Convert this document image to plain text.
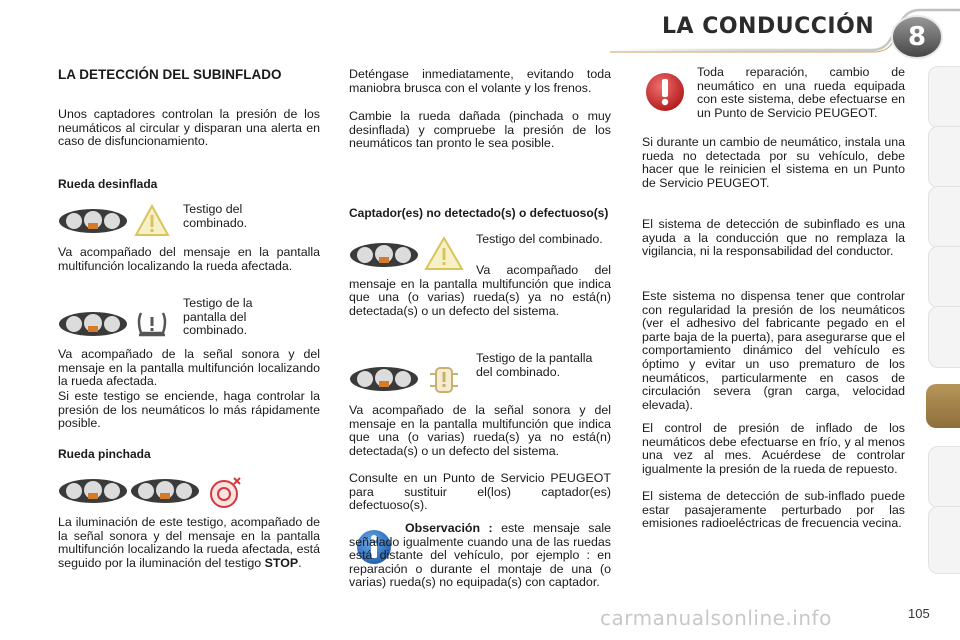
LA CONDUCCIÓN	8

LA DETECCIÓN DEL SUBINFLADO

Unos captadores controlan la presión de los neumáticos al circular y disparan una alerta en caso de disfuncionamiento.

Rueda desinflada
Testigo del combinado.

Va acompañado del mensaje en la pantalla multifunción localizando la rueda afectada.

Testigo de la pantalla del combinado.

Va acompañado de la señal sonora y del mensaje en la pantalla multifunción localizando la rueda afectada.

Si este testigo se enciende, haga controlar la presión de los neumáticos lo más rápidamente posible.

Rueda pinchada

La iluminación de este testigo, acompañado de la señal sonora y del mensaje en la pantalla multifunción localizando la rueda afectada, está seguido por la iluminación del testigo STOP.

Deténgase inmediatamente, evitando toda maniobra brusca con el volante y los frenos.

Cambie la rueda dañada (pinchada o muy desinflada) y compruebe la presión de los neumáticos tan pronto le sea posible.

Captador(es) no detectado(s) o defectuoso(s)
Testigo del combinado.

Va acompañado del mensaje en la pantalla multifunción que indica que una (o varias) rueda(s) ya no está(n) detectada(s) o un defecto del sistema.

Testigo de la pantalla del combinado.

Va acompañado de la señal sonora y del mensaje en la pantalla multifunción que indica que una (o varias) rueda(s) ya no está(n) detectada(s) o un defecto del sistema.

Consulte en un Punto de Servicio PEUGEOT para sustituir el(los) captador(es) defectuoso(s).

Observación : este mensaje sale señalado igualmente cuando una de las ruedas está distante del vehículo, por ejemplo : en reparación o durante el montaje de una (o varias) rueda(s) no equipada(s) con captador.

Toda reparación, cambio de neumático en una rueda equipada con este sistema, debe efectuarse en un Punto de Servicio PEUGEOT.

Si durante un cambio de neumático, instala una rueda no detectada por su vehículo, debe hacer que le reinicien el sistema en un Punto de Servicio PEUGEOT.

El sistema de detección de subinflado es una ayuda a la conducción que no remplaza la vigilancia, ni la responsabilidad del conductor.

Este sistema no dispensa tener que controlar con regularidad la presión de los neumáticos (ver el adhesivo del fabricante pegado en el parte baja de la puerta), para asegurarse que el comportamiento dinámico del vehículo es óptimo y evitar un uso prematuro de los neumáticos, particularmente en casos de circulación severa (gran carga, velocidad elevada).

El control de presión de inflado de los neumáticos debe efectuarse en frío, y al menos una vez al mes. Acuérdese de controlar igualmente la presión de la rueda de repuesto.

El sistema de detección de sub-inflado puede estar pasajeramente perturbado por las emisiones radioeléctricas de frecuencia vecina.

carmanualsonline.info	105
